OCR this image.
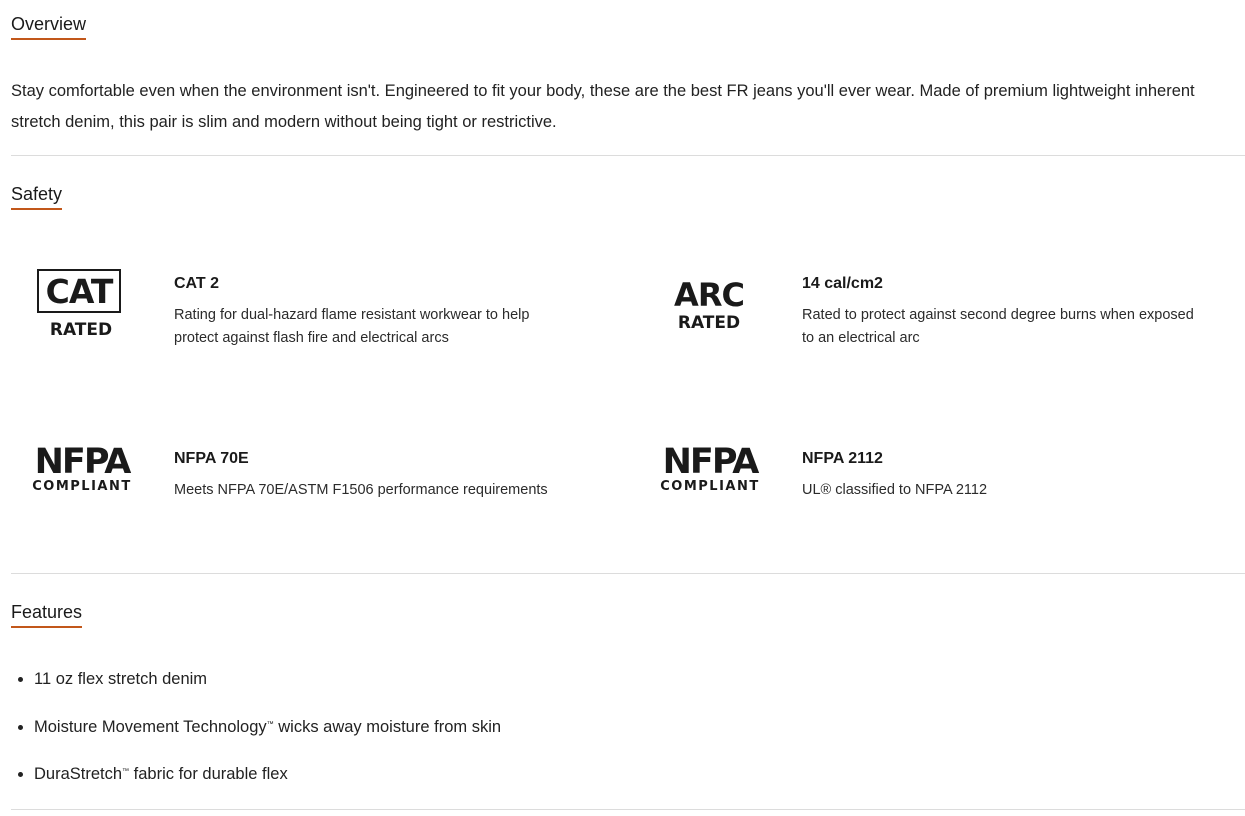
Overview
Stay comfortable even when the environment isn't. Engineered to fit your body, these are the best FR jeans you'll ever wear. Made of premium lightweight inherent stretch denim, this pair is slim and modern without being tight or restrictive.
Safety
CAT
RATED
CAT 2
Rating for dual-hazard flame resistant workwear to help protect against flash fire and electrical arcs
ARC
RATED
14 cal/cm2
Rated to protect against second degree burns when exposed to an electrical arc
NFPA
COMPLIANT
NFPA 70E
Meets NFPA 70E/ASTM F1506 performance requirements
NFPA
COMPLIANT
NFPA 2112
UL® classified to NFPA 2112
Features
• 11 oz flex stretch denim
• Moisture Movement Technology™ wicks away moisture from skin
• DuraStretch™ fabric for durable flex
